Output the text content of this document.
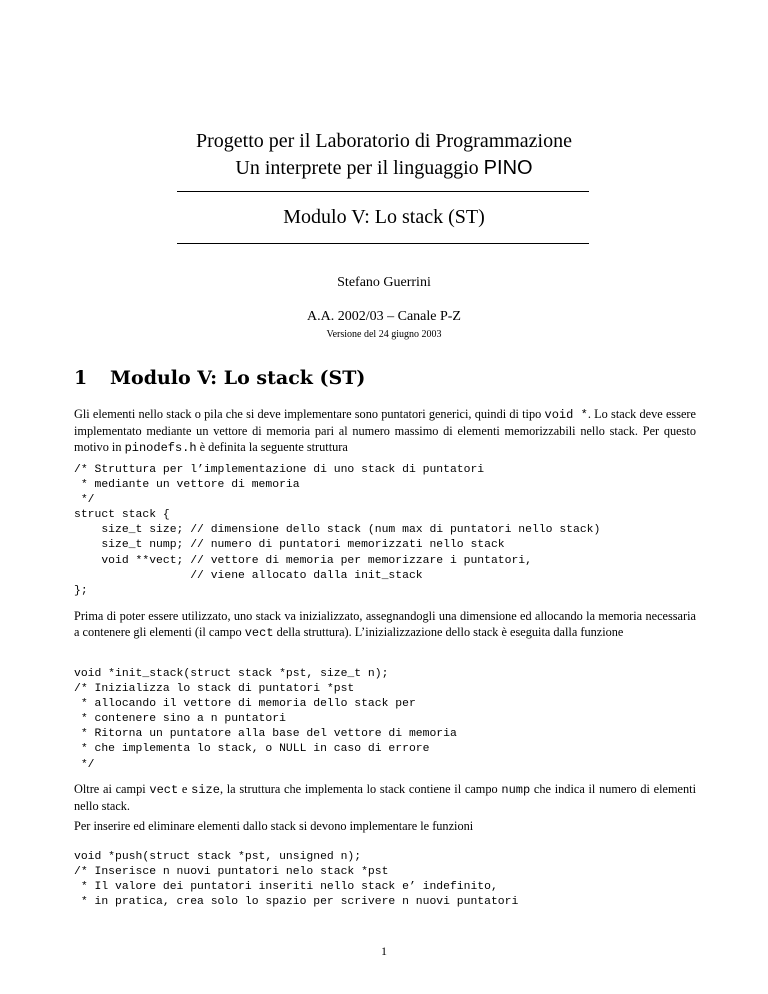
Progetto per il Laboratorio di Programmazione
Un interprete per il linguaggio PINO
Modulo V: Lo stack (ST)
Stefano Guerrini
A.A. 2002/03 – Canale P-Z
Versione del 24 giugno 2003
1 Modulo V: Lo stack (ST)
Gli elementi nello stack o pila che si deve implementare sono puntatori generici, quindi di tipo void *. Lo stack deve essere implementato mediante un vettore di memoria pari al numero massimo di elementi memorizzabili nello stack. Per questo motivo in pinodefs.h è definita la seguente struttura
/* Struttura per l’implementazione di uno stack di puntatori
* mediante un vettore di memoria
*/
struct stack {
size_t size; // dimensione dello stack (num max di puntatori nello stack)
size_t nump; // numero di puntatori memorizzati nello stack
void **vect; // vettore di memoria per memorizzare i puntatori,
// viene allocato dalla init_stack
};
Prima di poter essere utilizzato, uno stack va inizializzato, assegnandogli una dimensione ed allocando la memoria necessaria a contenere gli elementi (il campo vect della struttura). L’inizializzazione dello stack è eseguita dalla funzione
void *init_stack(struct stack *pst, size_t n);
/* Inizializza lo stack di puntatori *pst
* allocando il vettore di memoria dello stack per
* contenere sino a n puntatori
* Ritorna un puntatore alla base del vettore di memoria
* che implementa lo stack, o NULL in caso di errore
*/
Oltre ai campi vect e size, la struttura che implementa lo stack contiene il campo nump che indica il numero di elementi nello stack.
Per inserire ed eliminare elementi dallo stack si devono implementare le funzioni
void *push(struct stack *pst, unsigned n);
/* Inserisce n nuovi puntatori nelo stack *pst
* Il valore dei puntatori inseriti nello stack e’ indefinito,
* in pratica, crea solo lo spazio per scrivere n nuovi puntatori
1
